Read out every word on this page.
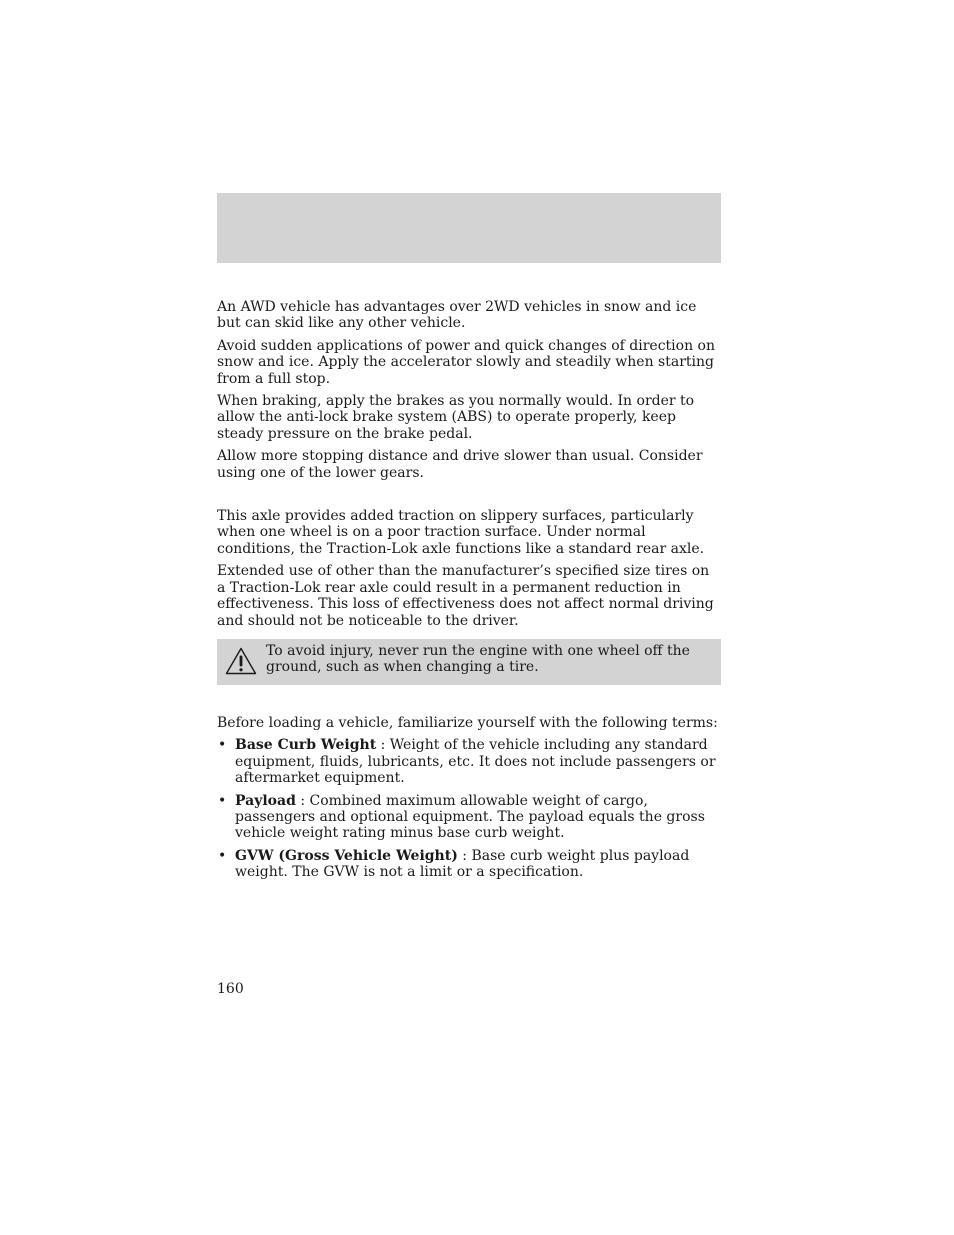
An AWD vehicle has advantages over 2WD vehicles in snow and ice but can skid like any other vehicle.

Avoid sudden applications of power and quick changes of direction on snow and ice. Apply the accelerator slowly and steadily when starting from a full stop.

When braking, apply the brakes as you normally would. In order to allow the anti-lock brake system (ABS) to operate properly, keep steady pressure on the brake pedal.

Allow more stopping distance and drive slower than usual. Consider using one of the lower gears.

This axle provides added traction on slippery surfaces, particularly when one wheel is on a poor traction surface. Under normal conditions, the Traction-Lok axle functions like a standard rear axle.

Extended use of other than the manufacturer’s specified size tires on a Traction-Lok rear axle could result in a permanent reduction in effectiveness. This loss of effectiveness does not affect normal driving and should not be noticeable to the driver.

To avoid injury, never run the engine with one wheel off the ground, such as when changing a tire.

Before loading a vehicle, familiarize yourself with the following terms:

• Base Curb Weight : Weight of the vehicle including any standard equipment, fluids, lubricants, etc. It does not include passengers or aftermarket equipment.
• Payload : Combined maximum allowable weight of cargo, passengers and optional equipment. The payload equals the gross vehicle weight rating minus base curb weight.
• GVW (Gross Vehicle Weight) : Base curb weight plus payload weight. The GVW is not a limit or a specification.
160
